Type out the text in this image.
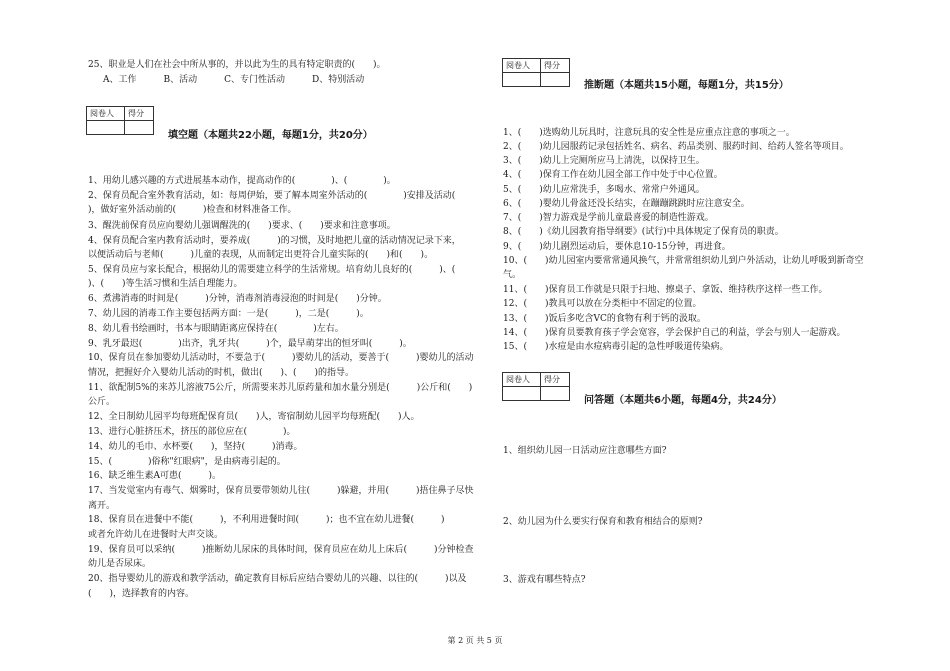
25、职业是人们在社会中所从事的，并以此为生的具有特定职责的(　　)。
A、工作　　　B、活动　　　C、专门性活动　　　D、特别活动
阅卷人	得分

填空题（本题共22小题，每题1分，共20分）
1、用幼儿感兴趣的方式进展基本动作，提高动作的(　　　　)、(　　　　)。
2、保育员配合室外教育活动，如：每周伊始，要了解本周室外活动的(　　　　)安排及活动(
)，做好室外活动前的(　　　)检查和材料准备工作。
3、醒洗前保育员应向婴幼儿强调醒洗的(　　)要求、(　　)要求和注意事项。
4、保育员配合室内教育活动时，要养成(　　　)的习惯，及时地把儿童的活动情况记录下来，
以便活动后与老师(　　　)儿童的表现，从而制定出更符合儿童实际的(　　)和(　　)。
5、保育员应与家长配合，根据幼儿的需要建立科学的生活常规。培育幼儿良好的(　　　)、(
)、(　　)等生活习惯和生活自理能力。
6、煮沸消毒的时间是(　　　)分钟，消毒剂消毒浸泡的时间是(　　)分钟。
7、幼儿园的消毒工作主要包括两方面：一是(　　　)，二是(　　　)。
8、幼儿看书绘画时，书本与眼睛距离应保持在(　　　　)左右。
9、乳牙最迟(　　　　)出齐，乳牙共(　　　)个，最早萌芽出的恒牙叫(　　　)。
10、保育员在参加婴幼儿活动时，不要急于(　　　)婴幼儿的活动，要善于(　　　)婴幼儿的活动
情况，把握好介入婴幼儿活动的时机，做出(　　)、(　　)的指导。
11、欲配制5%的来苏儿溶液75公斤，所需要来苏儿原药量和加水量分别是(　　　)公斤和(　　)
公斤。
12、全日制幼儿园平均每班配保育员(　　)人，寄宿制幼儿园平均每班配(　　)人。
13、进行心脏挤压术，挤压的部位应在(　　　　)。
14、幼儿的毛巾、水杯要(　　)，坚持(　　　)消毒。
15、(　　　　)俗称"红眼病"，是由病毒引起的。
16、缺乏维生素A可患(　　　)。
17、当发觉室内有毒气、烟雾时，保育员要带领幼儿往(　　　)躲避，并用(　　　)捂住鼻子尽快
离开。
18、保育员在进餐中不能(　　　)，不利用进餐时间(　　　)；也不宜在幼儿进餐(　　　)
或者允许幼儿在进餐时大声交谈。
19、保育员可以采纳(　　　)推断幼儿尿床的具体时间，保育员应在幼儿上床后(　　　)分钟检查
幼儿是否尿床。
20、指导婴幼儿的游戏和教学活动，确定教育目标后应结合婴幼儿的兴趣、以往的(　　　)以及
(　　)，选择教育的内容。
阅卷人	得分

推断题（本题共15小题，每题1分，共15分）
1、(　　)选购幼儿玩具时，注意玩具的安全性是应重点注意的事项之一。
2、(　　)幼儿园服药记录包括姓名、病名、药品类别、服药时间、给药人签名等项目。
3、(　　)幼儿上完厕所应马上清洗，以保持卫生。
4、(　　)保育工作在幼儿园全部工作中处于中心位置。
5、(　　)幼儿应常洗手，多喝水、常常户外通风。
6、(　　)婴幼儿骨盆还没长结实，在蹦蹦跳跳时应注意安全。
7、(　　)智力游戏是学前儿童最喜爱的制造性游戏。
8、(　　)《幼儿园教育指导纲要》(试行)中具体规定了保育员的职责。
9、(　　)幼儿剧烈运动后，要休息10-15分钟，再进食。
10、(　　)幼儿园室内要常常通风换气，并常常组织幼儿到户外活动，让幼儿呼吸到新奇空
气。
11、(　　)保育员工作就是只限于扫地、擦桌子、拿饭、维持秩序这样一些工作。
12、(　　)教具可以放在分类柜中不固定的位置。
13、(　　)饭后多吃含VC的食物有利于钙的汲取。
14、(　　)保育员要教育孩子学会宽容，学会保护自己的利益，学会与别人一起游戏。
15、(　　)水痘是由水痘病毒引起的急性呼吸道传染病。
阅卷人	得分

问答题（本题共6小题，每题4分，共24分）
1、组织幼儿园一日活动应注意哪些方面?
2、幼儿园为什么要实行保育和教育相结合的原则?
3、游戏有哪些特点?
第 2 页 共 5 页
